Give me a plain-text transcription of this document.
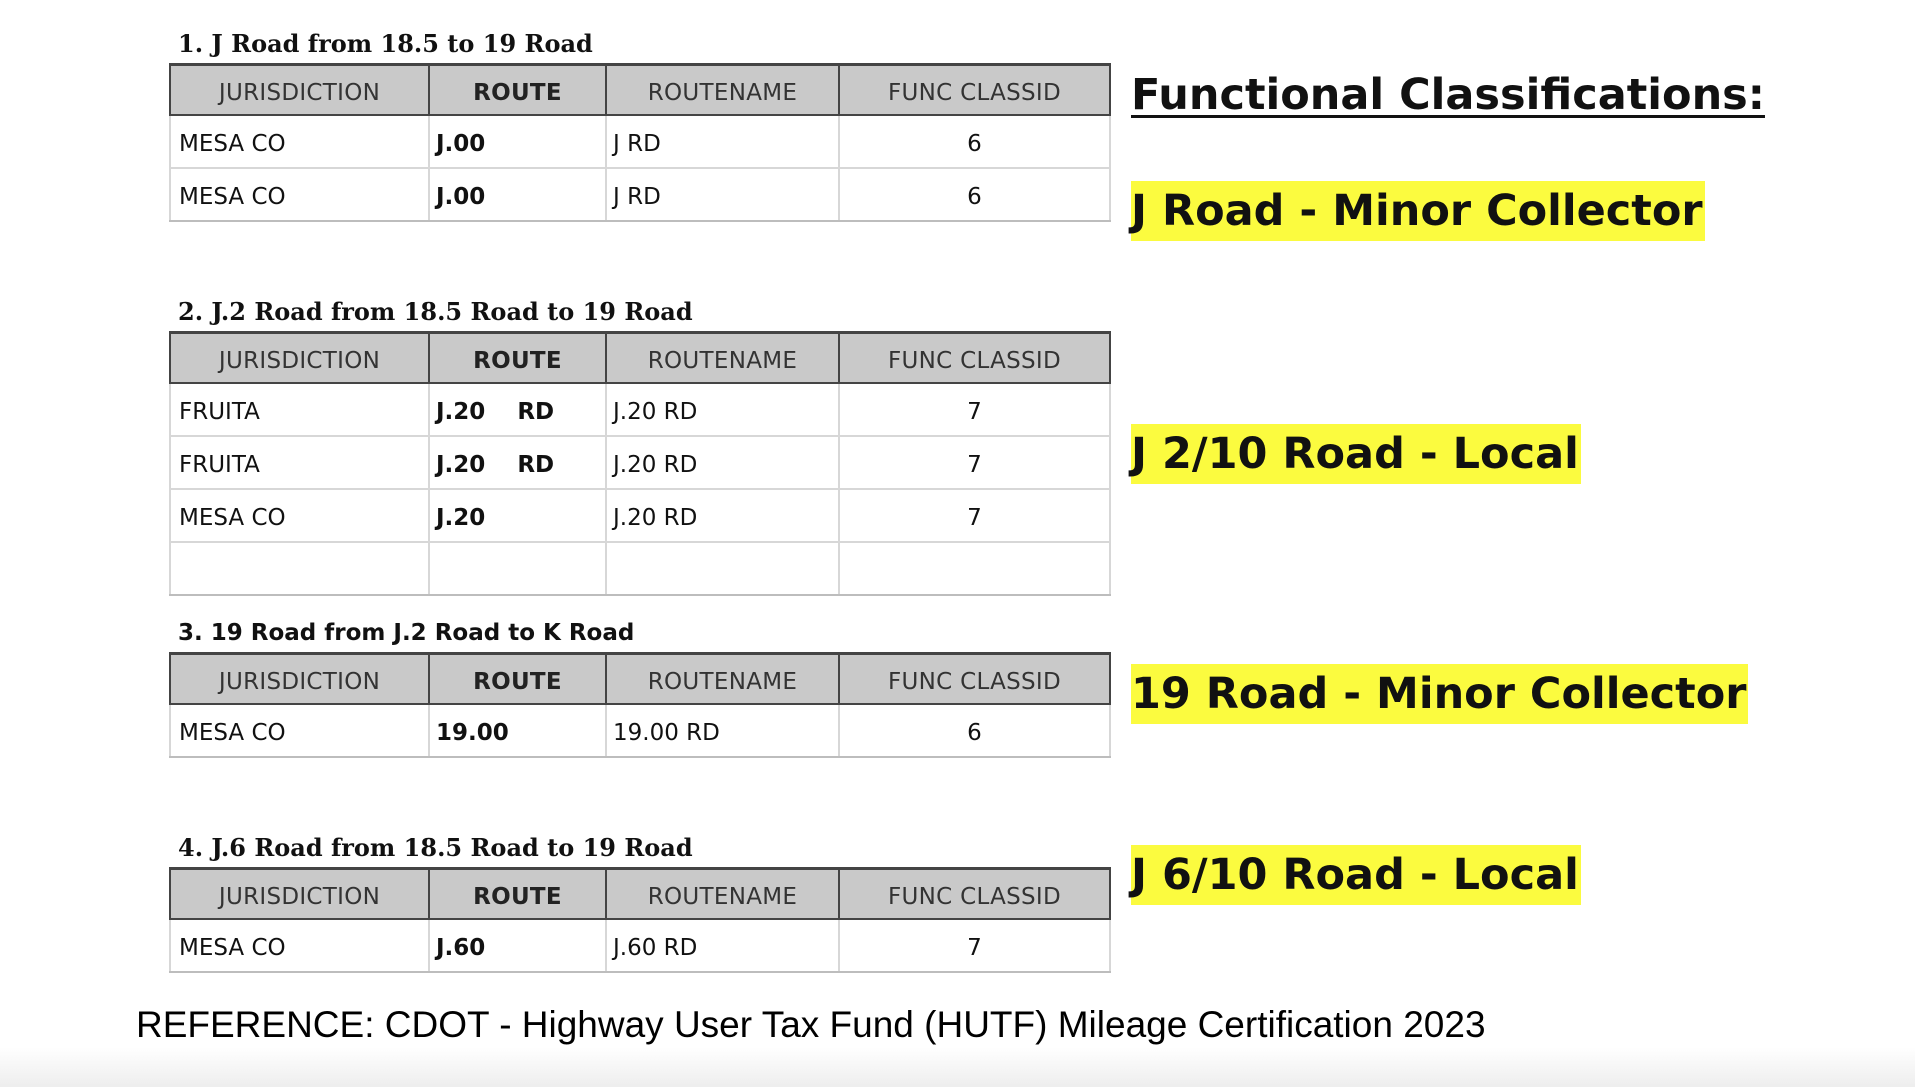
1. J Road from 18.5 to 19 Road
JURISDICTION	ROUTE	ROUTENAME	FUNC CLASSID
MESA CO	J.00	J RD	6
MESA CO	J.00	J RD	6
2. J.2 Road from 18.5 Road to 19 Road
JURISDICTION	ROUTE	ROUTENAME	FUNC CLASSID
FRUITA	J.20    RD	J.20 RD	7
FRUITA	J.20    RD	J.20 RD	7
MESA CO	J.20	J.20 RD	7

3. 19 Road from J.2 Road to K Road
JURISDICTION	ROUTE	ROUTENAME	FUNC CLASSID
MESA CO	19.00	19.00 RD	6
4. J.6 Road from 18.5 Road to 19 Road
JURISDICTION	ROUTE	ROUTENAME	FUNC CLASSID
MESA CO	J.60	J.60 RD	7
Functional Classifications:
J Road - Minor Collector
J 2/10 Road - Local
19 Road - Minor Collector
J 6/10 Road - Local
REFERENCE: CDOT - Highway User Tax Fund (HUTF) Mileage Certification 2023
